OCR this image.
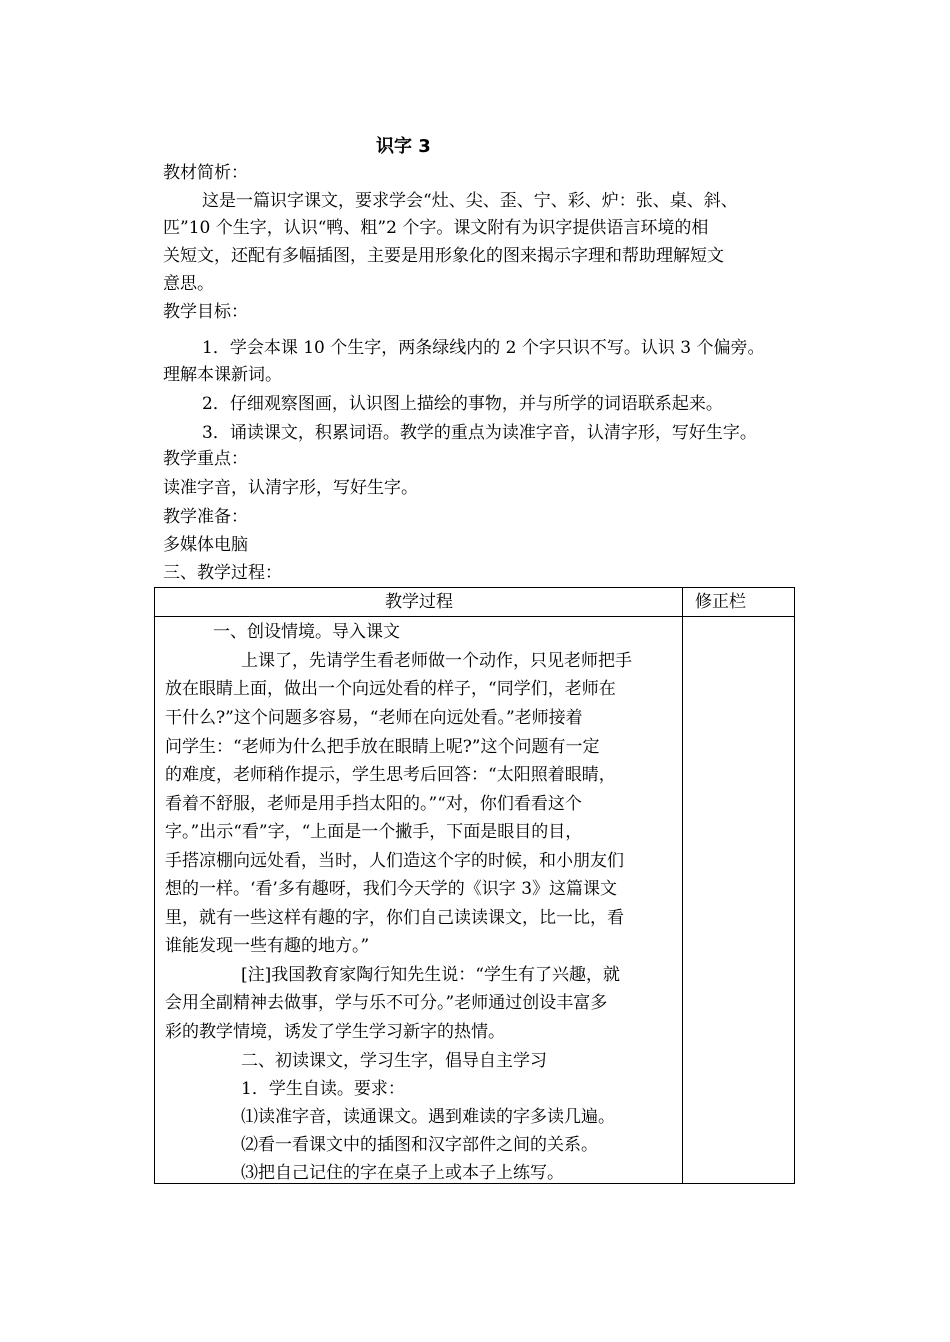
识字 3
教材简析：
这是一篇识字课文，要求学会“灶、尖、歪、宁、彩、炉：张、桌、斜、
匹”10 个生字，认识“鸭、粗”2 个字。课文附有为识字提供语言环境的相
关短文，还配有多幅插图，主要是用形象化的图来揭示字理和帮助理解短文
意思。
教学目标：
1．学会本课 10 个生字，两条绿线内的 2 个字只识不写。认识 3 个偏旁。
理解本课新词。
2．仔细观察图画，认识图上描绘的事物，并与所学的词语联系起来。
3．诵读课文，积累词语。教学的重点为读准字音，认清字形，写好生字。
教学重点：
读准字音，认清字形，写好生字。
教学准备：
多媒体电脑
三、教学过程：
教学过程	修正栏
一、创设情境。导入课文
上课了，先请学生看老师做一个动作，只见老师把手
放在眼睛上面，做出一个向远处看的样子，“同学们，老师在
干什么?”这个问题多容易，“老师在向远处看。”老师接着
问学生：“老师为什么把手放在眼睛上呢?”这个问题有一定
的难度，老师稍作提示，学生思考后回答：“太阳照着眼睛，
看着不舒服，老师是用手挡太阳的。”“对，你们看看这个
字。”出示“看”字，“上面是一个撇手，下面是眼目的目，
手搭凉棚向远处看，当时，人们造这个字的时候，和小朋友们
想的一样。‘看’多有趣呀，我们今天学的《识字 3》这篇课文
里，就有一些这样有趣的字，你们自己读读课文，比一比，看
谁能发现一些有趣的地方。”
[注]我国教育家陶行知先生说：“学生有了兴趣，就
会用全副精神去做事，学与乐不可分。”老师通过创设丰富多
彩的教学情境，诱发了学生学习新字的热情。
二、初读课文，学习生字，倡导自主学习
1．学生自读。要求：
⑴读准字音，读通课文。遇到难读的字多读几遍。
⑵看一看课文中的插图和汉字部件之间的关系。
⑶把自己记住的字在桌子上或本子上练写。
